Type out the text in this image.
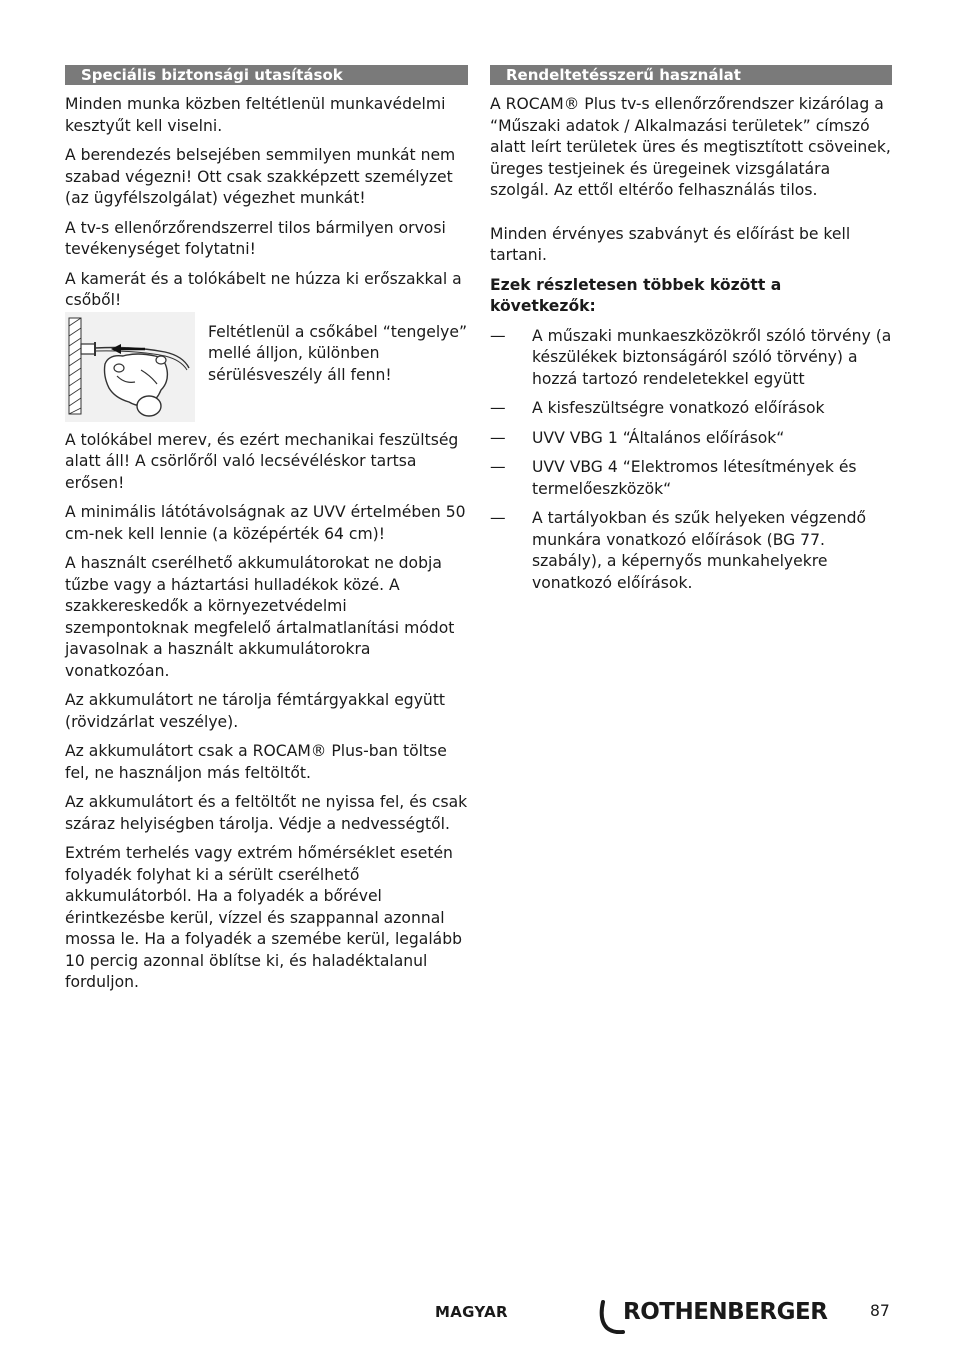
Speciális biztonsági utasítások

Minden munka közben feltétlenül munkavédelmi kesztyűt kell viselni.

A berendezés belsejében semmilyen munkát nem szabad végezni! Ott csak szakképzett személyzet (az ügyfélszolgálat) végezhet munkát!

A tv-s ellenőrzőrendszerrel tilos bármilyen orvosi tevékenységet folytatni!

A kamerát és a tolókábelt ne húzza ki erőszakkal a csőből!

Feltétlenül a csőkábel “tengelye” mellé álljon, különben sérülésveszély áll fenn!

A tolókábel merev, és ezért mechanikai feszültség alatt áll! A csörlőről való lecsévéléskor tartsa erősen!

A minimális látótávolságnak az UVV értelmében 50 cm-nek kell lennie (a középérték 64 cm)!

A használt cserélhető akkumulátorokat ne dobja tűzbe vagy a háztartási hulladékok közé. A szakkereskedők a környezetvédelmi szempontoknak megfelelő ártalmatlanítási módot javasolnak a használt akkumulátorokra vonatkozóan.

Az akkumulátort ne tárolja fémtárgyakkal együtt (rövidzárlat veszélye).

Az akkumulátort csak a ROCAM® Plus-ban töltse fel, ne használjon más feltöltőt.

Az akkumulátort és a feltöltőt ne nyissa fel, és csak száraz helyiségben tárolja. Védje a nedvességtől.

Extrém terhelés vagy extrém hőmérséklet esetén folyadék folyhat ki a sérült cserélhető akkumulátorból. Ha a folyadék a bőrével érintkezésbe kerül, vízzel és szappannal azonnal mossa le. Ha a folyadék a szemébe kerül, legalább 10 percig azonnal öblítse ki, és haladéktalanul forduljon.

Rendeltetésszerű használat

A ROCAM® Plus tv-s ellenőrzőrendszer kizárólag a “Műszaki adatok / Alkalmazási területek” címszó alatt leírt területek üres és megtisztított csöveinek, üreges testjeinek és üregeinek vizsgálatára szolgál. Az ettől eltérőo felhasználás tilos.

Minden érvényes szabványt és előírást be kell tartani.

Ezek részletesen többek között a következők:

— A műszaki munkaeszközökről szóló törvény (a készülékek biztonságáról szóló törvény) a hozzá tartozó rendeletekkel együtt
— A kisfeszültségre vonatkozó előírások
— UVV VBG 1 “Általános előírások“
— UVV VBG 4 “Elektromos létesítmények és termelőeszközök“
— A tartályokban és szűk helyeken végzendő munkára vonatkozó előírások (BG 77. szabály), a képernyős munkahelyekre vonatkozó előírások.
MAGYAR	ROTHENBERGER	87
